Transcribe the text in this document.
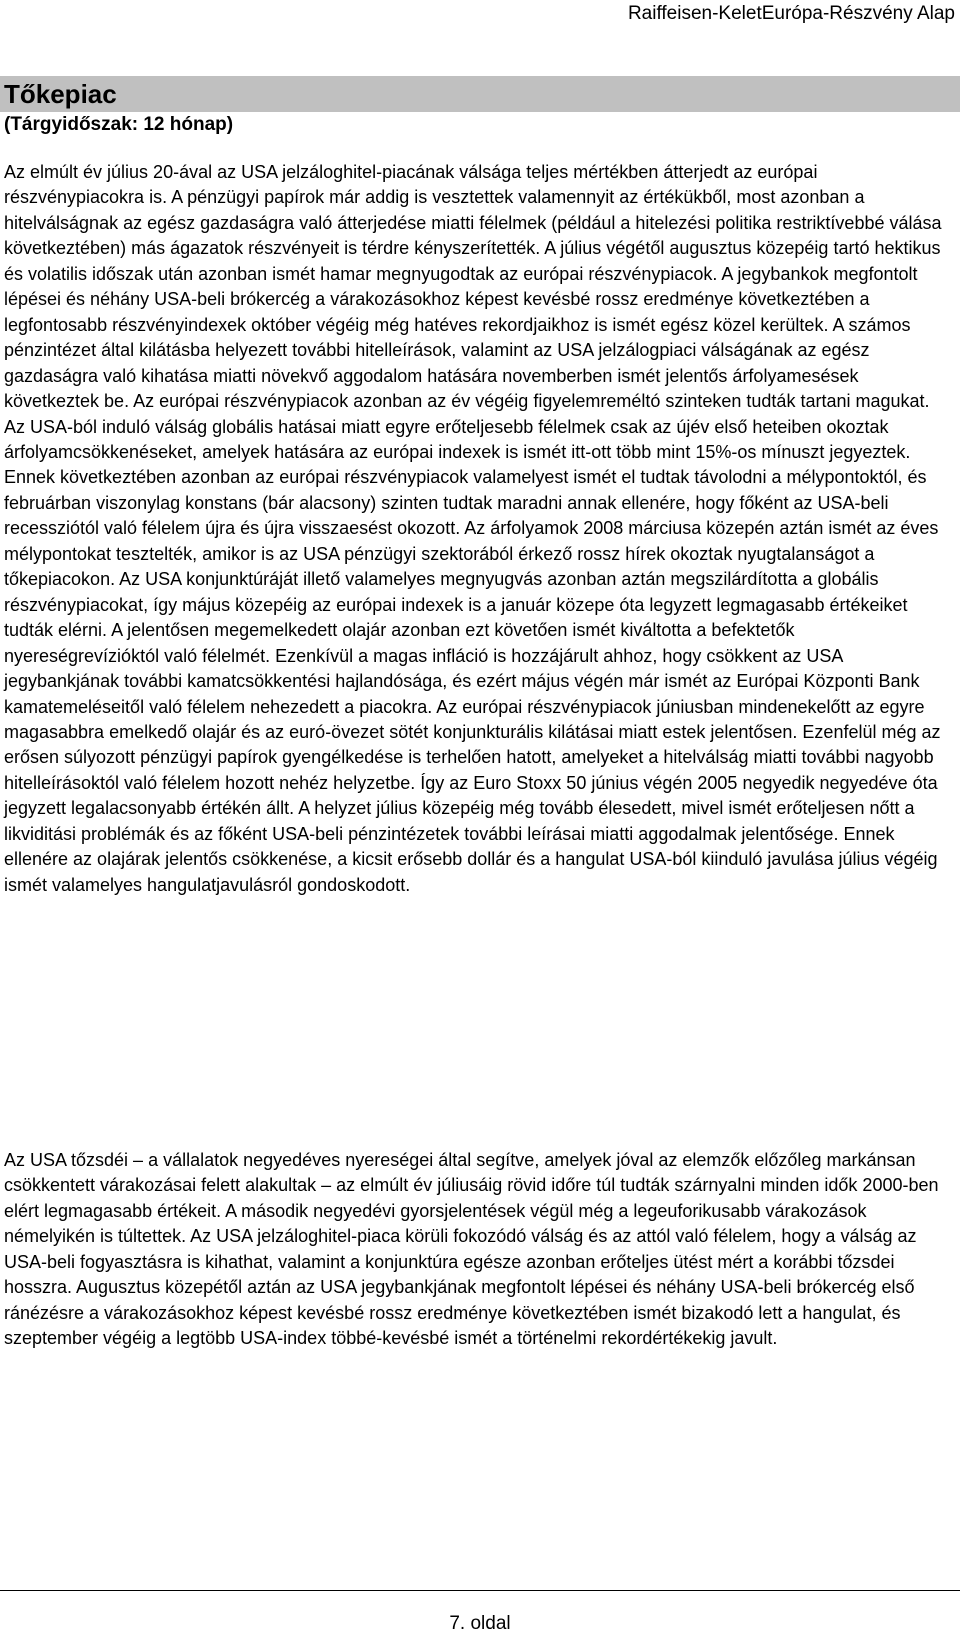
Raiffeisen-KeletEurópa-Részvény Alap
Tőkepiac
(Tárgyidőszak: 12 hónap)

Az elmúlt év július 20-ával az USA jelzáloghitel-piacának válsága teljes mértékben átterjedt az európai részvénypiacokra is. A pénzügyi papírok már addig is vesztettek valamennyit az értékükből, most azonban a hitelválságnak az egész gazdaságra való átterjedése miatti félelmek (például a hitelezési politika restriktívebbé válása következtében) más ágazatok részvényeit is térdre kényszerítették. A július végétől augusztus közepéig tartó hektikus és volatilis időszak után azonban ismét hamar megnyugodtak az európai részvénypiacok. A jegybankok megfontolt lépései és néhány USA-beli brókercég a várakozásokhoz képest kevésbé rossz eredménye következtében a legfontosabb részvényindexek október végéig még hatéves rekordjaikhoz is ismét egész közel kerültek. A számos pénzintézet által kilátásba helyezett további hitelleírások, valamint az USA jelzálogpiaci válságának az egész gazdaságra való kihatása miatti növekvő aggodalom hatására novemberben ismét jelentős árfolyamesések következtek be. Az európai részvénypiacok azonban az év végéig figyelemreméltó szinteken tudták tartani magukat. Az USA-ból induló válság globális hatásai miatt egyre erőteljesebb félelmek csak az újév első heteiben okoztak árfolyamcsökkenéseket, amelyek hatására az európai indexek is ismét itt-ott több mint 15%-os mínuszt jegyeztek. Ennek következtében azonban az európai részvénypiacok valamelyest ismét el tudtak távolodni a mélypontoktól, és februárban viszonylag konstans (bár alacsony) szinten tudtak maradni annak ellenére, hogy főként az USA-beli recessziótól való félelem újra és újra visszaesést okozott. Az árfolyamok 2008 márciusa közepén aztán ismét az éves mélypontokat tesztelték, amikor is az USA pénzügyi szektorából érkező rossz hírek okoztak nyugtalanságot a tőkepiacokon. Az USA konjunktúráját illető valamelyes megnyugvás azonban aztán megszilárdította a globális részvénypiacokat, így május közepéig az európai indexek is a január közepe óta legyzett legmagasabb értékeiket tudták elérni. A jelentősen megemelkedett olajár azonban ezt követően ismét kiváltotta a befektetők nyereségrevízióktól való félelmét. Ezenkívül a magas infláció is hozzájárult ahhoz, hogy csökkent az USA jegybankjának további kamatcsökkentési hajlandósága, és ezért május végén már ismét az Európai Központi Bank kamatemeléseitől való félelem nehezedett a piacokra. Az európai részvénypiacok júniusban mindenekelőtt az egyre magasabbra emelkedő olajár és az euró-övezet sötét konjunkturális kilátásai miatt estek jelentősen. Ezenfelül még az erősen súlyozott pénzügyi papírok gyengélkedése is terhelően hatott, amelyeket a hitelválság miatti további nagyobb hitelleírásoktól való félelem hozott nehéz helyzetbe. Így az Euro Stoxx 50 június végén 2005 negyedik negyedéve óta jegyzett legalacsonyabb értékén állt. A helyzet július közepéig még tovább élesedett, mivel ismét erőteljesen nőtt a likviditási problémák és az főként USA-beli pénzintézetek további leírásai miatti aggodalmak jelentősége. Ennek ellenére az olajárak jelentős csökkenése, a kicsit erősebb dollár és a hangulat USA-ból kiinduló javulása július végéig ismét valamelyes hangulatjavulásról gondoskodott.

Az USA tőzsdéi – a vállalatok negyedéves nyereségei által segítve, amelyek jóval az elemzők előzőleg markánsan csökkentett várakozásai felett alakultak – az elmúlt év júliusáig rövid időre túl tudták szárnyalni minden idők 2000-ben elért legmagasabb értékeit. A második negyedévi gyorsjelentések végül még a legeuforikusabb várakozások némelyikén is túltettek. Az USA jelzáloghitel-piaca körüli fokozódó válság és az attól való félelem, hogy a válság az USA-beli fogyasztásra is kihathat, valamint a konjunktúra egésze azonban erőteljes ütést mért a korábbi tőzsdei hosszra. Augusztus közepétől aztán az USA jegybankjának megfontolt lépései és néhány USA-beli brókercég első ránézésre a várakozásokhoz képest kevésbé rossz eredménye következtében ismét bizakodó lett a hangulat, és szeptember végéig a legtöbb USA-index többé-kevésbé ismét a történelmi rekordértékekig javult.

7. oldal
